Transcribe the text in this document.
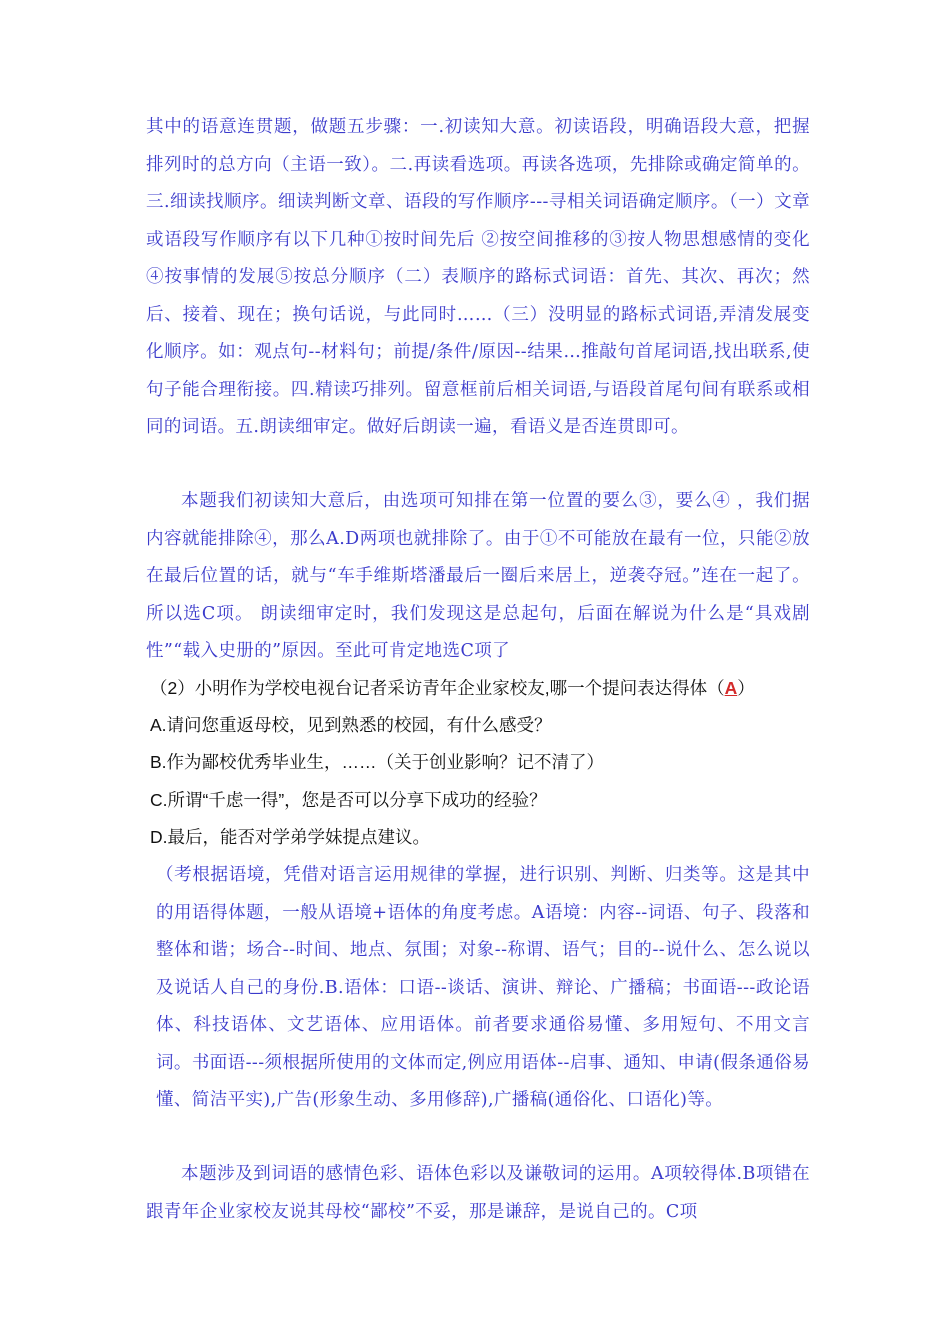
其中的语意连贯题，做题五步骤：一.初读知大意。初读语段，明确语段大意，把握排列时的总方向（主语一致）。二.再读看选项。再读各选项，先排除或确定简单的。三.细读找顺序。细读判断文章、语段的写作顺序---寻相关词语确定顺序。（一）文章或语段写作顺序有以下几种①按时间先后 ②按空间推移的③按人物思想感情的变化④按事情的发展⑤按总分顺序（二）表顺序的路标式词语：首先、其次、再次；然后、接着、现在；换句话说，与此同时……（三）没明显的路标式词语,弄清发展变化顺序。如：观点句--材料句；前提/条件/原因--结果…推敲句首尾词语,找出联系,使句子能合理衔接。四.精读巧排列。留意框前后相关词语,与语段首尾句间有联系或相同的词语。五.朗读细审定。做好后朗读一遍，看语义是否连贯即可。

本题我们初读知大意后，由选项可知排在第一位置的要么③，要么④ ，我们据内容就能排除④，那么A.D两项也就排除了。由于①不可能放在最有一位，只能②放在最后位置的话，就与“车手维斯塔潘最后一圈后来居上，逆袭夺冠。”连在一起了。所以选C项。 朗读细审定时，我们发现这是总起句，后面在解说为什么是“具戏剧性”“载入史册的”原因。至此可肯定地选C项了

（2）小明作为学校电视台记者采访青年企业家校友,哪一个提问表达得体（A）

A.请问您重返母校，见到熟悉的校园，有什么感受？

B.作为鄙校优秀毕业生，……（关于创业影响？记不清了）

C.所谓“千虑一得”，您是否可以分享下成功的经验？

D.最后，能否对学弟学妹提点建议。

（考根据语境，凭借对语言运用规律的掌握，进行识别、判断、归类等。这是其中的用语得体题，一般从语境+语体的角度考虑。A语境：内容--词语、句子、段落和整体和谐；场合--时间、地点、氛围；对象--称谓、语气；目的--说什么、怎么说以及说话人自己的身份.B.语体：口语--谈话、演讲、辩论、广播稿；书面语---政论语体、科技语体、文艺语体、应用语体。前者要求通俗易懂、多用短句、不用文言词。书面语---须根据所使用的文体而定,例应用语体--启事、通知、申请(假条通俗易懂、简洁平实),广告(形象生动、多用修辞),广播稿(通俗化、口语化)等。

本题涉及到词语的感情色彩、语体色彩以及谦敬词的运用。A项较得体.B项错在跟青年企业家校友说其母校“鄙校”不妥，那是谦辞，是说自己的。C项
